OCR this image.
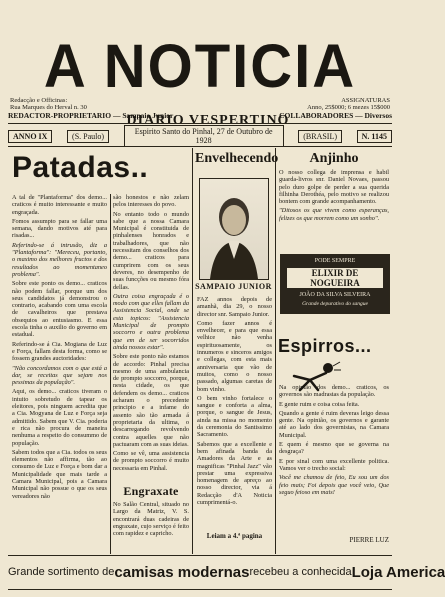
A NOTICIA
DIARIO VESPERTINO
Redacção e Officinas:
Rua Marques do Herval n. 30
ASSIGNATURAS
Anno, 25$000; 6 mezes 15$000
REDACTOR-PROPRIETARIO — Sampaio Junior	COLLABORADORES — Diversos
ANNO IX	(S. Paulo)	Espirito Santo do Pinhal, 27 de Outubro de 1928	(BRASIL)	N. 1145
Patadas..

A tal de "Plantaforma" dos demo... craticos é muito interessante e muito engraçada.

Fomos assumpto para se fallar uma semana, dando motivos até para risadas...

Referindo-se á intrusão, diz a "Plantaforma": "Mereceu, portanto, o maximo dos melhores fructos e dos resultados ao momentaneo problema".

Sobre este ponto os demo... craticos não podem fallar, porque um dos seus candidatos já demonstrou o contrario, acabando com uma escola de cavalheiros que prestava obsequios ao entusiasmo. E essa escola tinha o auxilio do governo em estadual.

Referindo-se á Cia. Mogiana de Luz e Força, fallam desta forma, como se fossem grandes auctoridades:

"Não concordamos com o que está a dar, se receitas que sejam nos pessimas da população".

Aqui, os demo... craticos tiveram o intuito sobretudo de tapear os eleitores, pois ninguem acredita que a Cia. Mogyana de Luz e Força seja admittido. Sabem que V. Cia. poderia e rica não procura de maneira nenhuma a respeito do consummo de população.

Sabem todos que a Cia. todos os seus elementos não affirma, tão ao consumo de Luz e Força e bom dar a Municipalidade que mais tarde a Camara Municipal, pois a Camara Municipal não possue o que os seus vereadores não

são honestos e não zelam pelos interesses do povo.

No entanto todo o mundo sabe que a nossa Camara Municipal é constituida de pinhalenses honrados e trabalhadores, que não necessitam dos conselhos dos demo... craticos para cumprirem com os seus deveres, no desempenho de suas funcções ou mesmo fóra dellas.

Outra coisa engraçada é o modo com que elles fallam da Assistencia Social, onde se esta topicos: "Assistencia Municipal de prompto soccorro e outra problema que em de ser socorridos ainda nossos estar".

Sobre este ponto não estamos de accordo: Pinhal precisa mesmo de uma ambulancia de prompto soccorro, porque, nesta cidade, os que defendem os demo... craticos acharam o precedente principio e a infame do assento são tão armada á proprietaria da ultima, o descarregando revolvendo contra aquelles que não pactuaram com as suas ideias.

Como se vê, uma assistencia de prompto soccorro é muito necessaria em Pinhal.

Engraxate
No Salão Central, situado no Largo da Matriz, V. S. encontrará duas cadeiras de engraxate, cujo serviço é feito com rapidez e capricho.
Envelhecendo
SAMPAIO JUNIOR

FAZ annos depois de amanhã, dia 29, o nosso director snr. Sampaio Junior.

Como fazer annos é envelhecer, e para que essa velhice não venha espirituosamente, os innumeros e sinceros amigos e collegas, com esta mais anniversaria que vão de muitos, como o nosso passado, algumas caretas de bom vinho.

O bem vinho fortalece o sangue e conforta a alma, porque, o sangue de Jesus, ainda na missa no momento da ceremonia do Santissimo Sacramento.

Sabemos que a excellente e bem afinada banda da Amadores da Arte e as magnificas "Pinhal Jazz" vão prestar uma expressiva homenagem de apreço ao nosso director, via á Redacção d'A Noticia cumprimentá-o.

Leiam a 4.ª pagina
Anjinho

O nosso collega de imprensa e habil guarda-livros snr. Daniel Novaes, passou pelo duro golpe de perder a sua querida filhinha Derothéa, pelo motivo se realizou bontem com grande acompanhamento.

"Ditosos os que vivem como esperanças, felizes os que morrem como um sonho".

PODE SEMPRE
ELIXIR DE NOGUEIRA
JOÃO DA SILVA SILVEIRA
Grande depurativo do sangue
Espirros...

Na opinião dos demo... craticos, os governos são madrastas da população.

E gente ruim e coisa coisa feita.

Quando a gente é ruim deveras leigo dessa gente. Na opinião, os governos e garante até ao lado dos governistas, na Camara Municipal.

E quem é mesmo que se governa na desgraça?

E por sinal com uma excellente politica. Vamos ver o trecho social:

Você me chamou de feio, Eu sou um dos feio mais; Foi depois que você veio, Que seguo feioso em mais!

PIERRE LUZ
Grande sortimento de camisas modernas recebeu a conhecida Loja America
